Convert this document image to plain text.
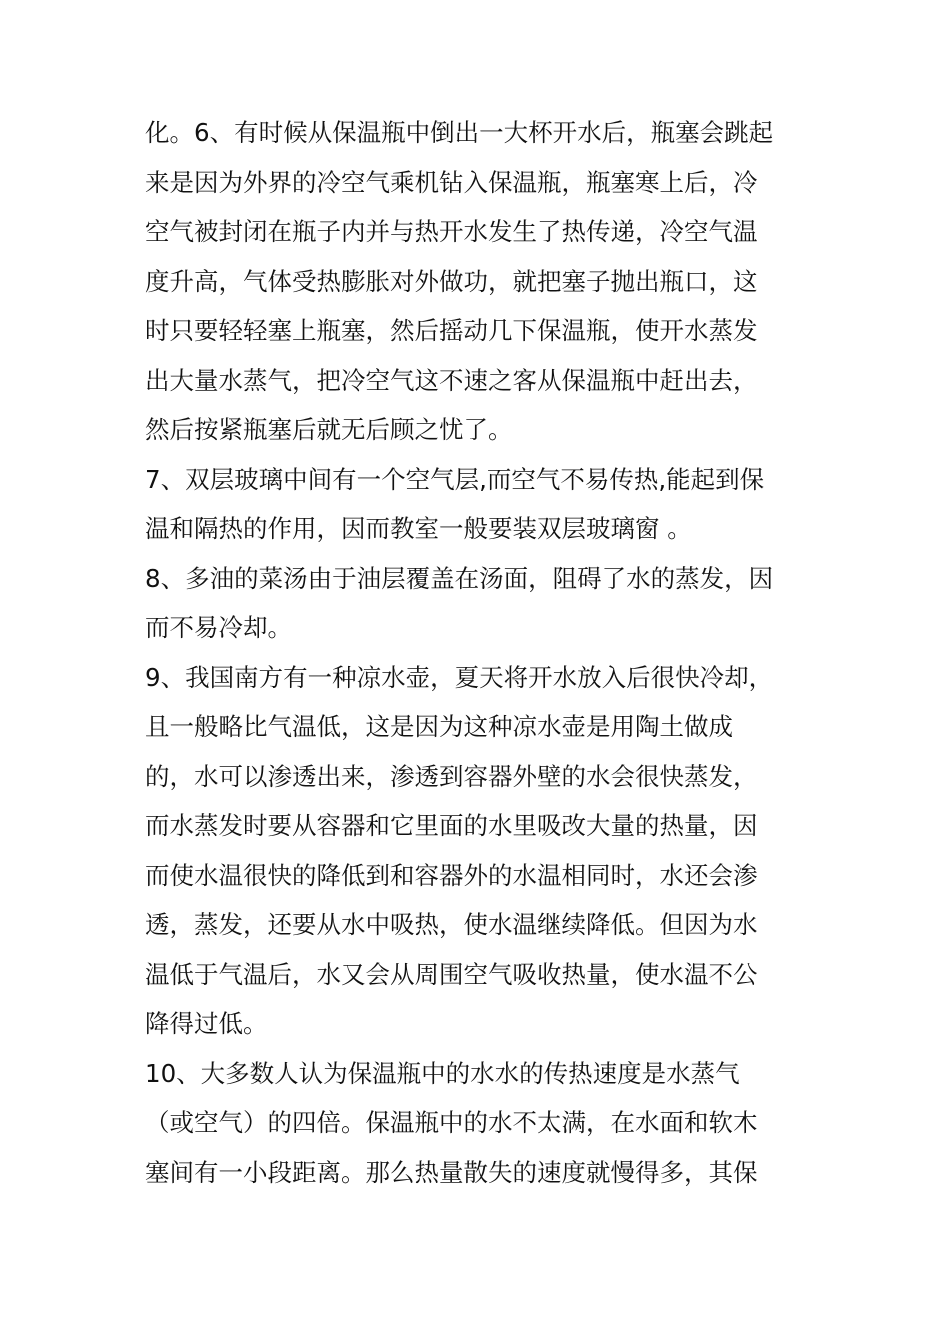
化。6、有时候从保温瓶中倒出一大杯开水后，瓶塞会跳起
来是因为外界的冷空气乘机钻入保温瓶，瓶塞寒上后，冷
空气被封闭在瓶子内并与热开水发生了热传递，冷空气温
度升高，气体受热膨胀对外做功，就把塞子抛出瓶口，这
时只要轻轻塞上瓶塞，然后摇动几下保温瓶，使开水蒸发
出大量水蒸气，把冷空气这不速之客从保温瓶中赶出去，
然后按紧瓶塞后就无后顾之忧了。
7、双层玻璃中间有一个空气层,而空气不易传热,能起到保
温和隔热的作用，因而教室一般要装双层玻璃窗 。
8、多油的菜汤由于油层覆盖在汤面，阻碍了水的蒸发，因
而不易冷却。
9、我国南方有一种凉水壶，夏天将开水放入后很快冷却，
且一般略比气温低，这是因为这种凉水壶是用陶土做成
的，水可以渗透出来，渗透到容器外壁的水会很快蒸发，
而水蒸发时要从容器和它里面的水里吸改大量的热量，因
而使水温很快的降低到和容器外的水温相同时，水还会渗
透，蒸发，还要从水中吸热，使水温继续降低。但因为水
温低于气温后，水又会从周围空气吸收热量，使水温不公
降得过低。
10、大多数人认为保温瓶中的水水的传热速度是水蒸气
（或空气）的四倍。保温瓶中的水不太满，在水面和软木
塞间有一小段距离。那么热量散失的速度就慢得多，其保
